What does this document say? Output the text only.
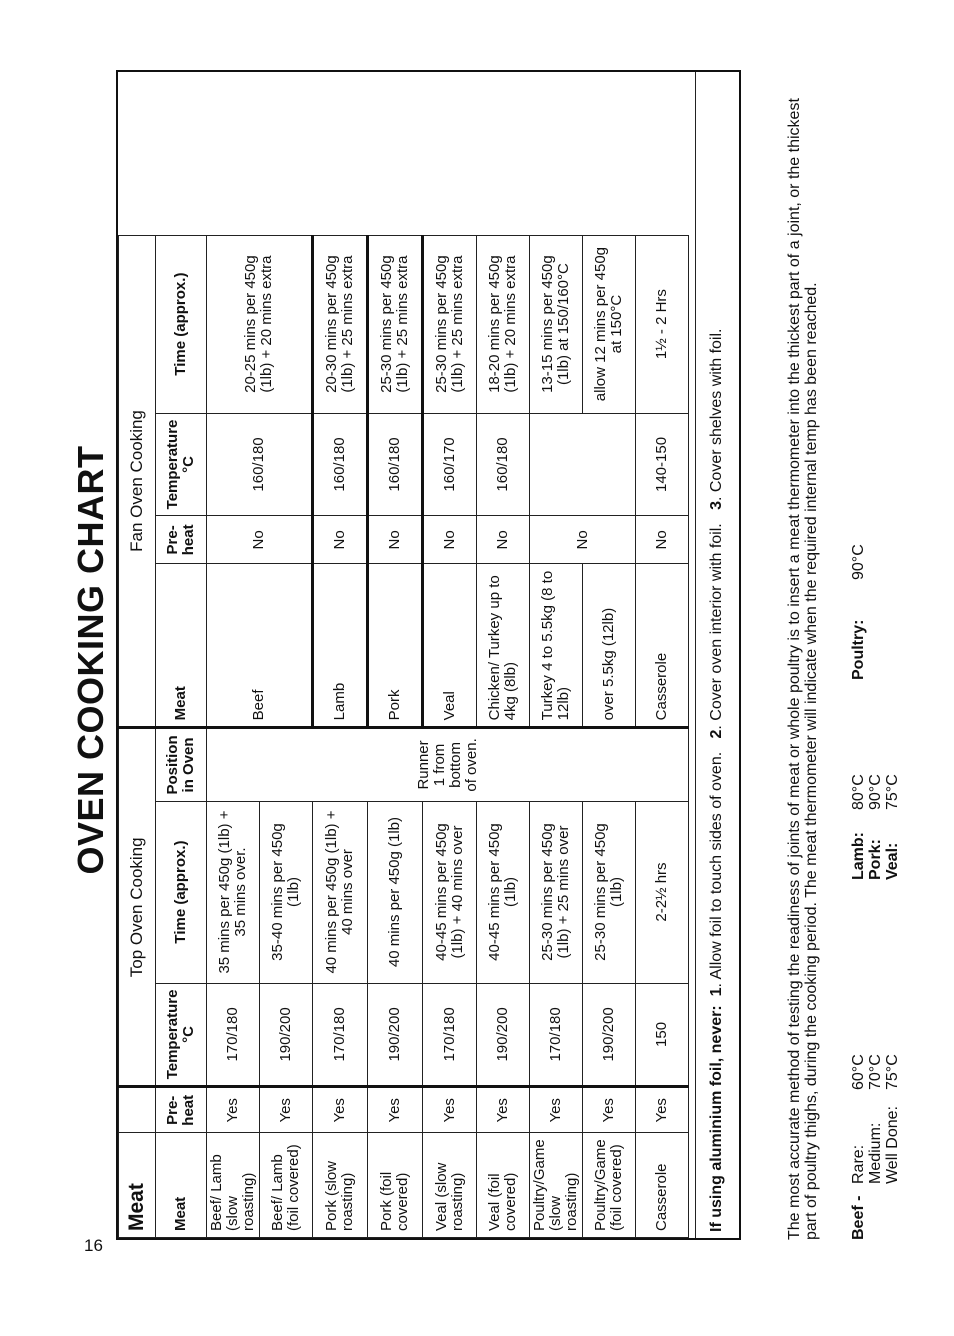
16
OVEN COOKING CHART
Meat		Top Oven Cooking			Fan Oven Cooking			
Meat	Pre-heat	Temperature °C	Time (approx.)	Position in Oven	Meat	Pre-heat	Temperature °C	Time (approx.)
Beef/ Lamb (slow roasting)	Yes	170/180	35 mins per 450g (1lb) + 35 mins over.	Runner 1 from bottom of oven.	Beef	No	160/180	20-25 mins per 450g (1lb) + 20 mins extra
Beef/ Lamb (foil covered)	Yes	190/200	35-40 mins per 450g (1lb)					
Pork (slow roasting)	Yes	170/180	40 mins per 450g (1lb) + 40 mins over		Lamb	No	160/180	20-30 mins per 450g (1lb) + 25 mins extra
Pork (foil covered)	Yes	190/200	40 mins per 450g (1lb)		Pork	No	160/180	25-30 mins per 450g (1lb) + 25 mins extra
Veal (slow roasting)	Yes	170/180	40-45 mins per 450g (1lb) + 40 mins over		Veal	No	160/170	25-30 mins per 450g (1lb) + 25 mins extra
Veal (foil covered)	Yes	190/200	40-45 mins per 450g (1lb)		Chicken/ Turkey up to 4kg (8lb)	No	160/180	18-20 mins per 450g (1lb) + 20 mins extra
Poultry/Game (slow roasting)	Yes	170/180	25-30 mins per 450g (1lb) + 25 mins over		Turkey 4 to 5.5kg (8 to 12lb)	No		13-15 mins per 450g (1lb) at 150/160°C
Poultry/Game (foil covered)	Yes	190/200	25-30 mins per 450g (1lb)		over 5.5kg (12lb)			allow 12 mins per 450g at 150°C
Casserole	Yes	150	2-2½ hrs		Casserole	No	140-150	1½ - 2 Hrs
If using aluminium foil, never:  1. Allow foil to touch sides of oven.   2. Cover oven interior with foil.   3. Cover shelves with foil.	The most accurate method of testing the readiness of joints of meat or whole poultry is to insert a meat thermometer into the thickest part of a joint, or the thickest part of poultry thighs, during the cooking period. The meat thermometer will indicate when the required internal temp has been reached. Beef -
Rare:
60°C
Medium:
70°C
Well Done:
75°C
Lamb:
80°C
Pork:
90°C
Veal:
75°C
Poultry:
90°C
